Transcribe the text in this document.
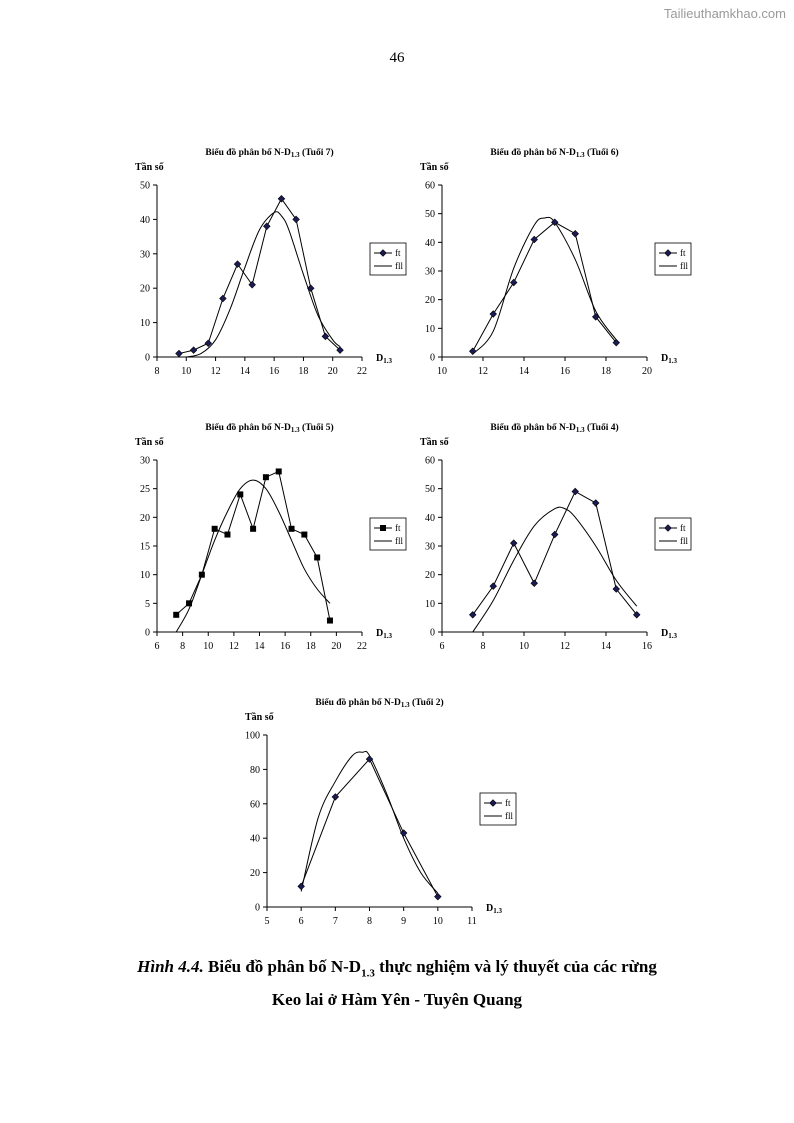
Tailieuthamkhao.com
46
Biểu đồ phân bố $N-D_{1.3}$ (Tuổi 7)
Tần số
0
10
20
30
40
50
8 10 12 14 16 18 20 22
$D_{1.3}$
ft
fll
Biểu đồ phân bố $N-D_{1.3}$ (Tuổi 6)
Tần số
0
10
20
30
40
50
60
10	12	14	16	18	20
$D_{1.3}$
ft
fll
Biểu đồ phân bố $N-D_{1.3}$ (Tuổi 5)
Tần số
0
5
10
15
20
25
30
6 8 10 12 14 16 18 20 22
$D_{1.3}$
ft
fll
Biểu đồ phân bố $N-D_{1.3}$ (Tuổi 4)
Tần số
0
10
20
30
40
50
60
6	8	10	12	14	16
$D_{1.3}$
ft
fll
Biểu đồ phân bố $N-D_{1.3}$ (Tuổi 2)
Tần số
0
20
40
60
80
100
5	6	7	8	9	10 11
$D_{1.3}$
ft
fll
Hình 4.4. Biểu đồ phân bố $N-D_{1.3}$ thực nghiệm và lý thuyết của các rừng
Keo lai ở Hàm Yên - Tuyên Quang
